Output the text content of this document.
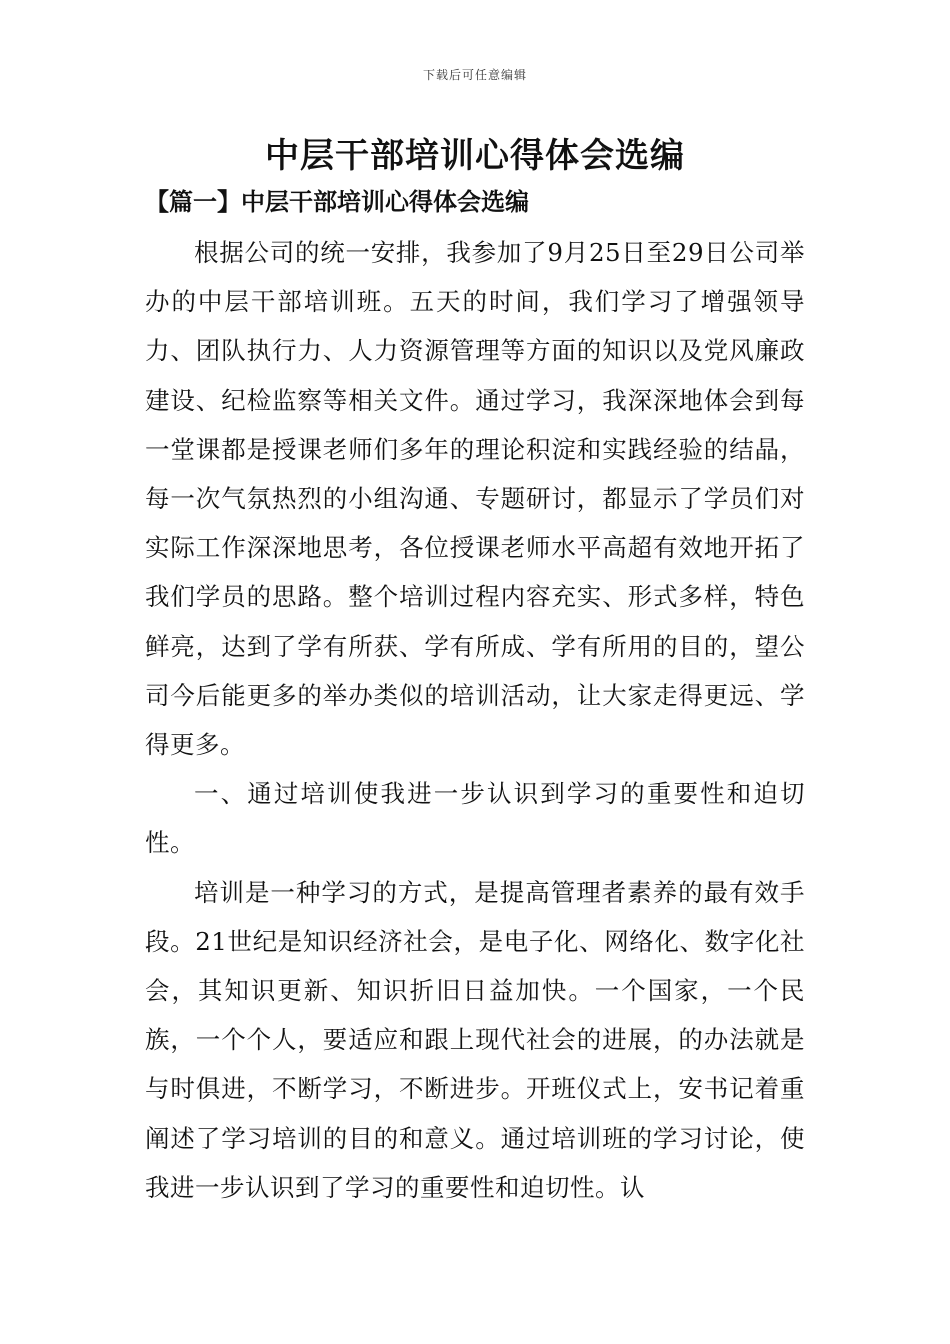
下载后可任意编辑
中层干部培训心得体会选编
【篇一】中层干部培训心得体会选编

根据公司的统一安排，我参加了9月25日至29日公司举办的中层干部培训班。五天的时间，我们学习了增强领导力、团队执行力、人力资源管理等方面的知识以及党风廉政建设、纪检监察等相关文件。通过学习，我深深地体会到每一堂课都是授课老师们多年的理论积淀和实践经验的结晶，每一次气氛热烈的小组沟通、专题研讨，都显示了学员们对实际工作深深地思考，各位授课老师水平高超有效地开拓了我们学员的思路。整个培训过程内容充实、形式多样，特色鲜亮，达到了学有所获、学有所成、学有所用的目的，望公司今后能更多的举办类似的培训活动，让大家走得更远、学得更多。

一、通过培训使我进一步认识到学习的重要性和迫切性。

培训是一种学习的方式，是提高管理者素养的最有效手段。21世纪是知识经济社会，是电子化、网络化、数字化社会，其知识更新、知识折旧日益加快。一个国家，一个民族，一个个人，要适应和跟上现代社会的进展，的办法就是与时俱进，不断学习，不断进步。开班仪式上，安书记着重阐述了学习培训的目的和意义。通过培训班的学习讨论，使我进一步认识到了学习的重要性和迫切性。认
